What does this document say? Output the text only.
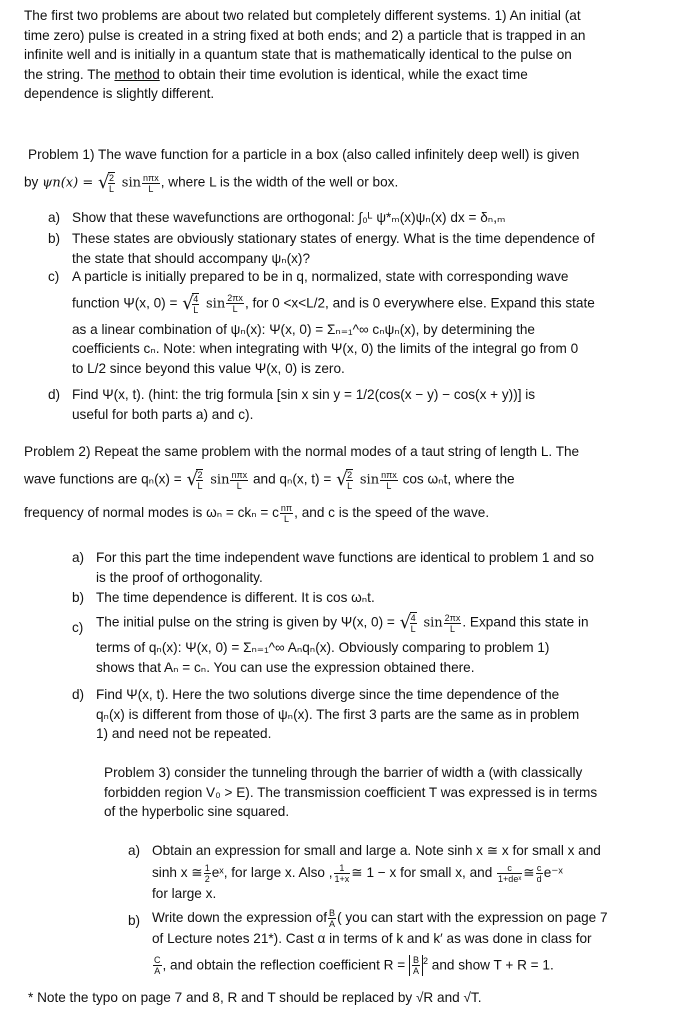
The first two problems are about two related but completely different systems. 1) An initial (at
time zero) pulse is created in a string fixed at both ends; and 2) a particle that is trapped in an
infinite well and is initially in a quantum state that is mathematically identical to the pulse on
the string. The method to obtain their time evolution is identical, while the exact time
dependence is slightly different.
Problem 1) The wave function for a particle in a box (also called infinitely deep well) is given
by ψn(x) = √ $\frac{2}{L}$ $\sin \frac{\text{nπx}}{L}$ , where L is the width of the well or box.
a) Show that these wavefunctions are orthogonal: ∫₀ᴸ ψ*ₘ(x)ψₙ(x) dx = δₙ,ₘ
b) These states are obviously stationary states of energy. What is the time dependence of
the state that should accompany ψₙ(x)?
c) A particle is initially prepared to be in q, normalized, state with corresponding wave
function Ψ(x, 0) = √ $\frac{4}{L}$ $\sin \frac{2\pi x}{L}$ , for 0 <x<L/2, and is 0 everywhere else. Expand this state
as a linear combination of ψₙ(x): Ψ(x, 0) = Σₙ₌₁^∞ cₙψₙ(x), by determining the
coefficients cₙ. Note: when integrating with Ψ(x, 0) the limits of the integral go from 0
to L/2 since beyond this value Ψ(x, 0) is zero.
d) Find Ψ(x, t). (hint: the trig formula [sin x sin y = 1/2(cos(x − y) − cos(x + y))] is
useful for both parts a) and c).
Problem 2) Repeat the same problem with the normal modes of a taut string of length L. The
wave functions are qₙ(x) = √ $\frac{2}{L}$ $\sin \frac{\text{nπx}}{L}$ and qₙ(x, t) = √ $\frac{2}{L}$ $\sin \frac{\text{nπx}}{L}$ cos ωₙt, where the
frequency of normal modes is ωₙ = ckₙ = c $\frac{n\pi}{L}$ , and c is the speed of the wave.
a) For this part the time independent wave functions are identical to problem 1 and so
is the proof of orthogonality.
b) The time dependence is different. It is cos ωₙt.
c) The initial pulse on the string is given by Ψ(x, 0) = √ $\frac{4}{L}$ $\sin \frac{2\pi x}{L}$ . Expand this state in
terms of qₙ(x): Ψ(x, 0) = Σₙ₌₁^∞ Aₙqₙ(x). Obviously comparing to problem 1)
shows that Aₙ = cₙ. You can use the expression obtained there.
d) Find Ψ(x, t). Here the two solutions diverge since the time dependence of the
qₙ(x) is different from those of ψₙ(x). The first 3 parts are the same as in problem
1) and need not be repeated.
Problem 3) consider the tunneling through the barrier of width a (with classically
forbidden region V₀ > E). The transmission coefficient T was expressed is in terms
of the hyperbolic sine squared.
a) Obtain an expression for small and large a. Note sinh x ≅ x for small x and
sinh x ≅ $\frac{1}{2}$ eˣ, for large x. Also , $\frac{1}{1+x}$ ≅ 1 − x for small x, and $\frac{c}{\text{1+deˣ}}$ ≅ $\frac{c}{d}$ e⁻ˣ
for large x.
b) Write down the expression of $\frac{B}{A}$ ( you can start with the expression on page 7
of Lecture notes 21*). Cast α in terms of k and k′ as was done in class for
$\frac{C}{A}$ , and obtain the reflection coefficient $R = \frac{B}{A} ^2$ and show T + R = 1.
* Note the typo on page 7 and 8, R and T should be replaced by √R and √T.
